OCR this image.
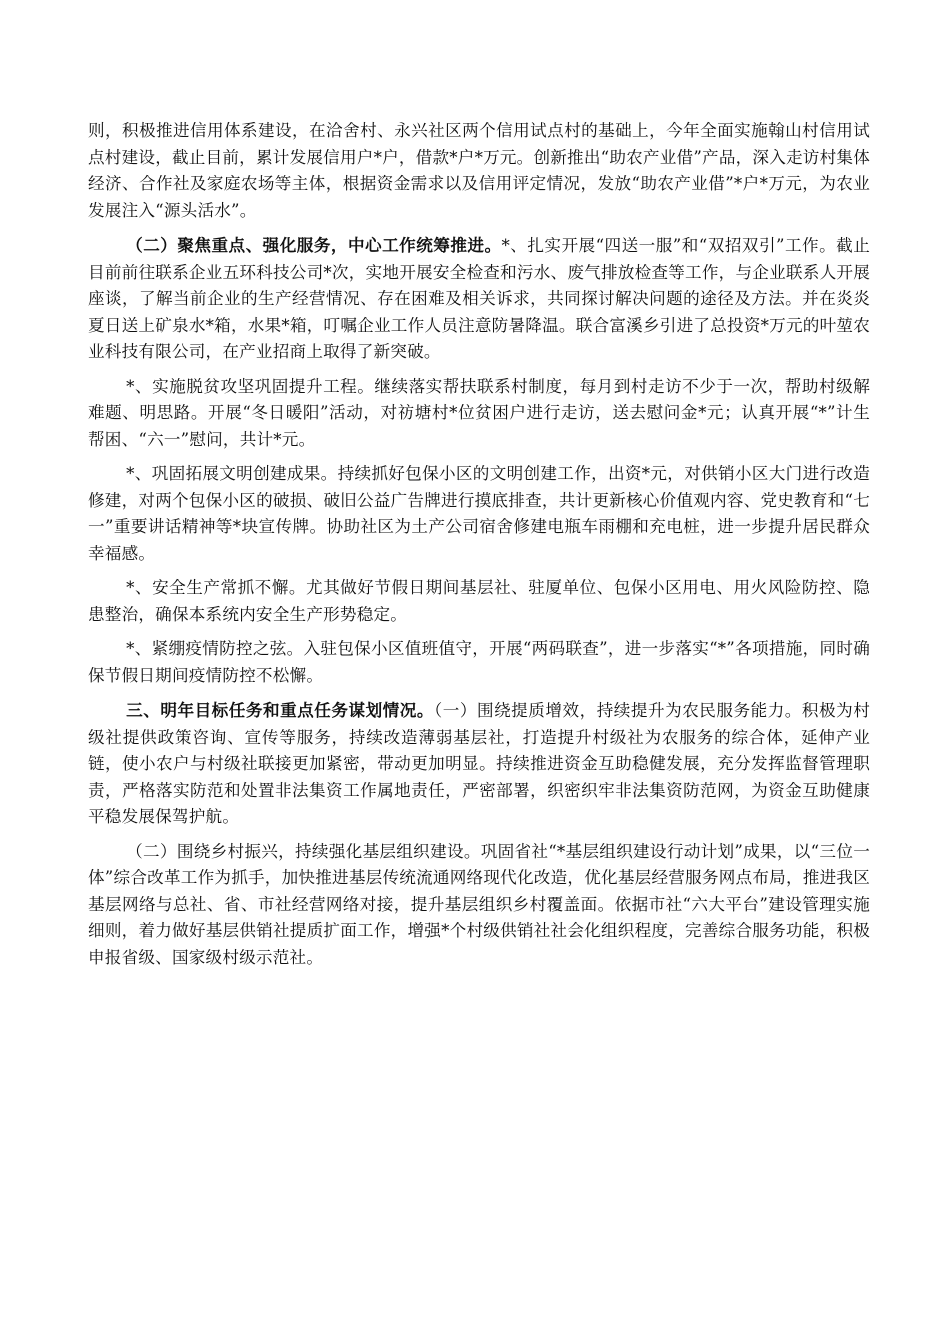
则，积极推进信用体系建设，在洽舍村、永兴社区两个信用试点村的基础上，今年全面实施翰山村信用试点村建设，截止目前，累计发展信用户*户，借款*户*万元。创新推出“助农产业借”产品，深入走访村集体经济、合作社及家庭农场等主体，根据资金需求以及信用评定情况，发放“助农产业借”*户*万元，为农业发展注入“源头活水”。

（二）聚焦重点、强化服务，中心工作统筹推进。*、扎实开展“四送一服”和“双招双引”工作。截止目前前往联系企业五环科技公司*次，实地开展安全检查和污水、废气排放检查等工作，与企业联系人开展座谈，了解当前企业的生产经营情况、存在困难及相关诉求，共同探讨解决问题的途径及方法。并在炎炎夏日送上矿泉水*箱，水果*箱，叮嘱企业工作人员注意防暑降温。联合富溪乡引进了总投资*万元的叶堃农业科技有限公司，在产业招商上取得了新突破。

*、实施脱贫攻坚巩固提升工程。继续落实帮扶联系村制度，每月到村走访不少于一次，帮助村级解难题、明思路。开展“冬日暖阳”活动，对祊塘村*位贫困户进行走访，送去慰问金*元；认真开展“*”计生帮困、“六一”慰问，共计*元。

*、巩固拓展文明创建成果。持续抓好包保小区的文明创建工作，出资*元，对供销小区大门进行改造修建，对两个包保小区的破损、破旧公益广告牌进行摸底排查，共计更新核心价值观内容、党史教育和“七一”重要讲话精神等*块宣传牌。协助社区为土产公司宿舍修建电瓶车雨棚和充电桩，进一步提升居民群众幸福感。

*、安全生产常抓不懈。尤其做好节假日期间基层社、驻厦单位、包保小区用电、用火风险防控、隐患整治，确保本系统内安全生产形势稳定。

*、紧绷疫情防控之弦。入驻包保小区值班值守，开展“两码联查”，进一步落实“*”各项措施，同时确保节假日期间疫情防控不松懈。

三、明年目标任务和重点任务谋划情况。（一）围绕提质增效，持续提升为农民服务能力。积极为村级社提供政策咨询、宣传等服务，持续改造薄弱基层社，打造提升村级社为农服务的综合体，延伸产业链，使小农户与村级社联接更加紧密，带动更加明显。持续推进资金互助稳健发展，充分发挥监督管理职责，严格落实防范和处置非法集资工作属地责任，严密部署，织密织牢非法集资防范网，为资金互助健康平稳发展保驾护航。

（二）围绕乡村振兴，持续强化基层组织建设。巩固省社“*基层组织建设行动计划”成果，以“三位一体”综合改革工作为抓手，加快推进基层传统流通网络现代化改造，优化基层经营服务网点布局，推进我区基层网络与总社、省、市社经营网络对接，提升基层组织乡村覆盖面。依据市社“六大平台”建设管理实施细则，着力做好基层供销社提质扩面工作，增强*个村级供销社社会化组织程度，完善综合服务功能，积极申报省级、国家级村级示范社。
